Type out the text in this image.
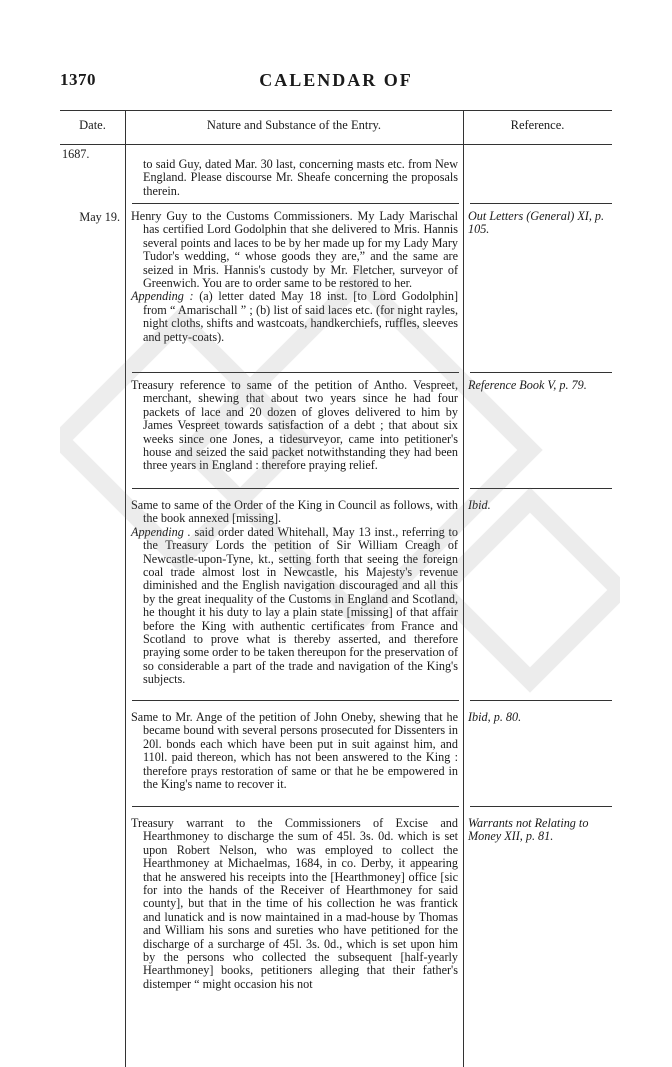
CALENDAR OF
1370
Date.	Nature and Substance of the Entry.	Reference.
1687.

to said Guy, dated Mar. 30 last, concerning masts etc. from New England. Please discourse Mr. Sheafe concerning the proposals therein.

May 19. Henry Guy to the Customs Commissioners. My Lady Marischal has certified Lord Godolphin that she delivered to Mris. Hannis several points and laces to be by her made up for my Lady Mary Tudor's wedding, “ whose goods they are,” and the same are seized in Mris. Hannis's custody by Mr. Fletcher, surveyor of Greenwich. You are to order same to be restored to her.

Appending : (a) letter dated May 18 inst. [to Lord Godolphin] from “ Amarischall ” ; (b) list of said laces etc. (for night rayles, night cloths, shifts and wastcoats, handkerchiefs, ruffles, sleeves and petty-coats).

Out Letters (General) XI, p. 105.

Treasury reference to same of the petition of Antho. Vespreet, merchant, shewing that about two years since he had four packets of lace and 20 dozen of gloves delivered to him by James Vespreet towards satisfaction of a debt ; that about six weeks since one Jones, a tidesurveyor, came into petitioner's house and seized the said packet notwithstanding they had been three years in England : therefore praying relief.

Reference Book V, p. 79.

Same to same of the Order of the King in Council as follows, with the book annexed [missing].

Appending . said order dated Whitehall, May 13 inst., referring to the Treasury Lords the petition of Sir William Creagh of Newcastle-upon-Tyne, kt., setting forth that seeing the foreign coal trade almost lost in Newcastle, his Majesty's revenue diminished and the English navigation discouraged and all this by the great inequality of the Customs in England and Scotland, he thought it his duty to lay a plain state [missing] of that affair before the King with authentic certificates from France and Scotland to prove what is thereby asserted, and therefore praying some order to be taken thereupon for the preservation of so considerable a part of the trade and navigation of the King's subjects.

Ibid.

Same to Mr. Ange of the petition of John Oneby, shewing that he became bound with several persons prosecuted for Dissenters in 20l. bonds each which have been put in suit against him, and 110l. paid thereon, which has not been answered to the King : therefore prays restoration of same or that he be empowered in the King's name to recover it.

Ibid, p. 80.

Treasury warrant to the Commissioners of Excise and Hearthmoney to discharge the sum of 45l. 3s. 0d. which is set upon Robert Nelson, who was employed to collect the Hearthmoney at Michaelmas, 1684, in co. Derby, it appearing that he answered his receipts into the [Hearthmoney] office [sic for into the hands of the Receiver of Hearthmoney for said county], but that in the time of his collection he was frantick and lunatick and is now maintained in a mad-house by Thomas and William his sons and sureties who have petitioned for the discharge of a surcharge of 45l. 3s. 0d., which is set upon him by the persons who collected the subsequent [half-yearly Hearthmoney] books, petitioners alleging that their father's distemper “ might occasion his not

Warrants not Relating to Money XII, p. 81.
